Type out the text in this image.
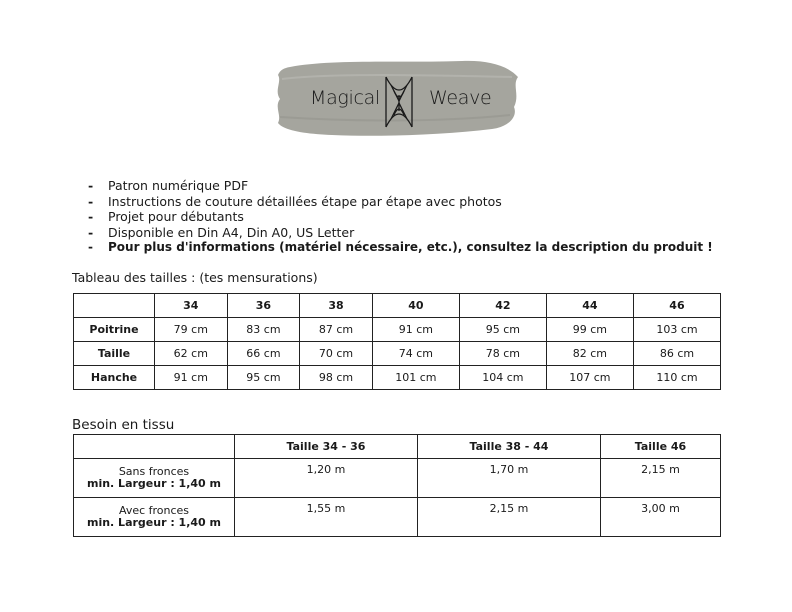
Magical	Weave
- Patron numérique PDF
- Instructions de couture détaillées étape par étape avec photos
- Projet pour débutants
- Disponible en Din A4, Din A0, US Letter
- Pour plus d'informations (matériel nécessaire, etc.), consultez la description du produit !

Tableau des tailles : (tes mensurations)

	34	36	38	40	42	44	46
Poitrine	79 cm	83 cm	87 cm	91 cm	95 cm	99 cm	103 cm
Taille	62 cm	66 cm	70 cm	74 cm	78 cm	82 cm	86 cm
Hanche	91 cm	95 cm	98 cm	101 cm	104 cm	107 cm	110 cm

Besoin en tissu

	Taille 34 - 36	Taille 38 - 44	Taille 46

Sans fronces
min. Largeur : 1,40 m	1,20 m	1,70 m	2,15 m

Avec fronces
min. Largeur : 1,40 m	1,55 m	2,15 m	3,00 m
